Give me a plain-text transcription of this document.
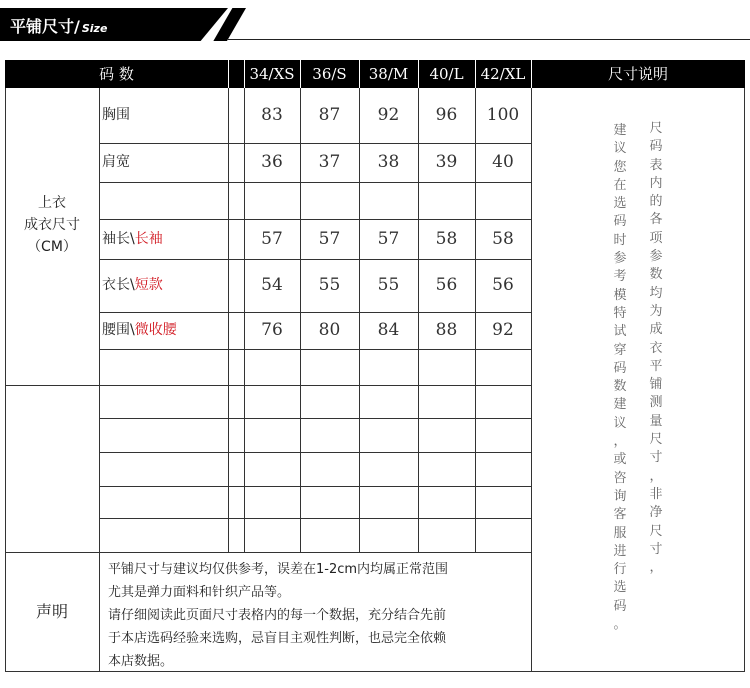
平铺尺寸/ Size
码 数	34/XS	36/S	38/M	40/L	42/XL	尺寸说明
上衣
成衣尺寸
（CM）
胸围	83	87	92	96	100
肩宽	36	37	38	39	40
袖长\长袖	57	57	57	58	58
衣长\短款	54	55	55	56	56
腰围\微收腰	76	80	84	88	92
尺
码
表
内
的
各
项
参
数
均
为
成
衣
平
铺
测
量
尺
寸
，
非
净
尺
寸
，
建
议
您
在
选
码
时
参
考
模
特
试
穿
码
数
建
议
，
或
咨
询
客
服
进
行
选
码
。
声明
平铺尺寸与建议均仅供参考，误差在1-2cm内均属正常范围
尤其是弹力面料和针织产品等。
请仔细阅读此页面尺寸表格内的每一个数据，充分结合先前
于本店选码经验来选购，忌盲目主观性判断，也忌完全依赖
本店数据。
